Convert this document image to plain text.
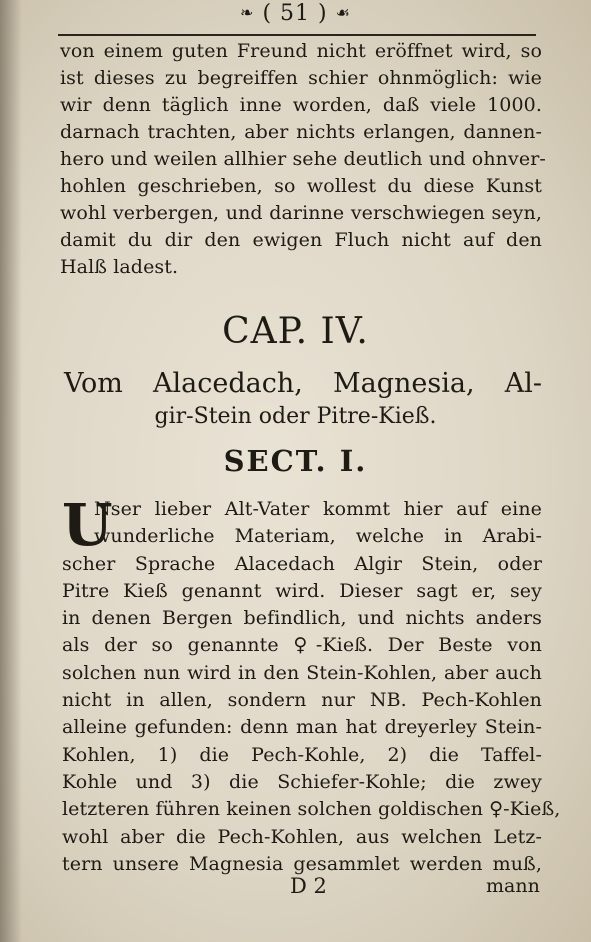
❧ ( 51 ) ☙
von einem guten Freund nicht eröffnet wird, so
ist dieses zu begreiffen schier ohnmöglich: wie
wir denn täglich inne worden, daß viele 1000.
darnach trachten, aber nichts erlangen, dannen-
hero und weilen allhier sehe deutlich und ohnver-
hohlen geschrieben, so wollest du diese Kunst
wohl verbergen, und darinne verschwiegen seyn,
damit du dir den ewigen Fluch nicht auf den
Halß ladest.
CAP. IV.
Vom Alacedach, Magnesia, Al-
gir-Stein oder Pitre-Kieß.
SECT. I.
U
Nser lieber Alt-Vater kommt hier auf eine
wunderliche Materiam, welche in Arabi-
scher Sprache Alacedach Algir Stein, oder
Pitre Kieß genannt wird. Dieser sagt er, sey
in denen Bergen befindlich, und nichts anders
als der so genannte ♀-Kieß. Der Beste von
solchen nun wird in den Stein-Kohlen, aber auch
nicht in allen, sondern nur NB. Pech-Kohlen
alleine gefunden: denn man hat dreyerley Stein-
Kohlen, 1) die Pech-Kohle, 2) die Taffel-
Kohle und 3) die Schiefer-Kohle; die zwey
letzteren führen keinen solchen goldischen ♀-Kieß,
wohl aber die Pech-Kohlen, aus welchen Letz-
tern unsere Magnesia gesammlet werden muß,
D 2	mann
